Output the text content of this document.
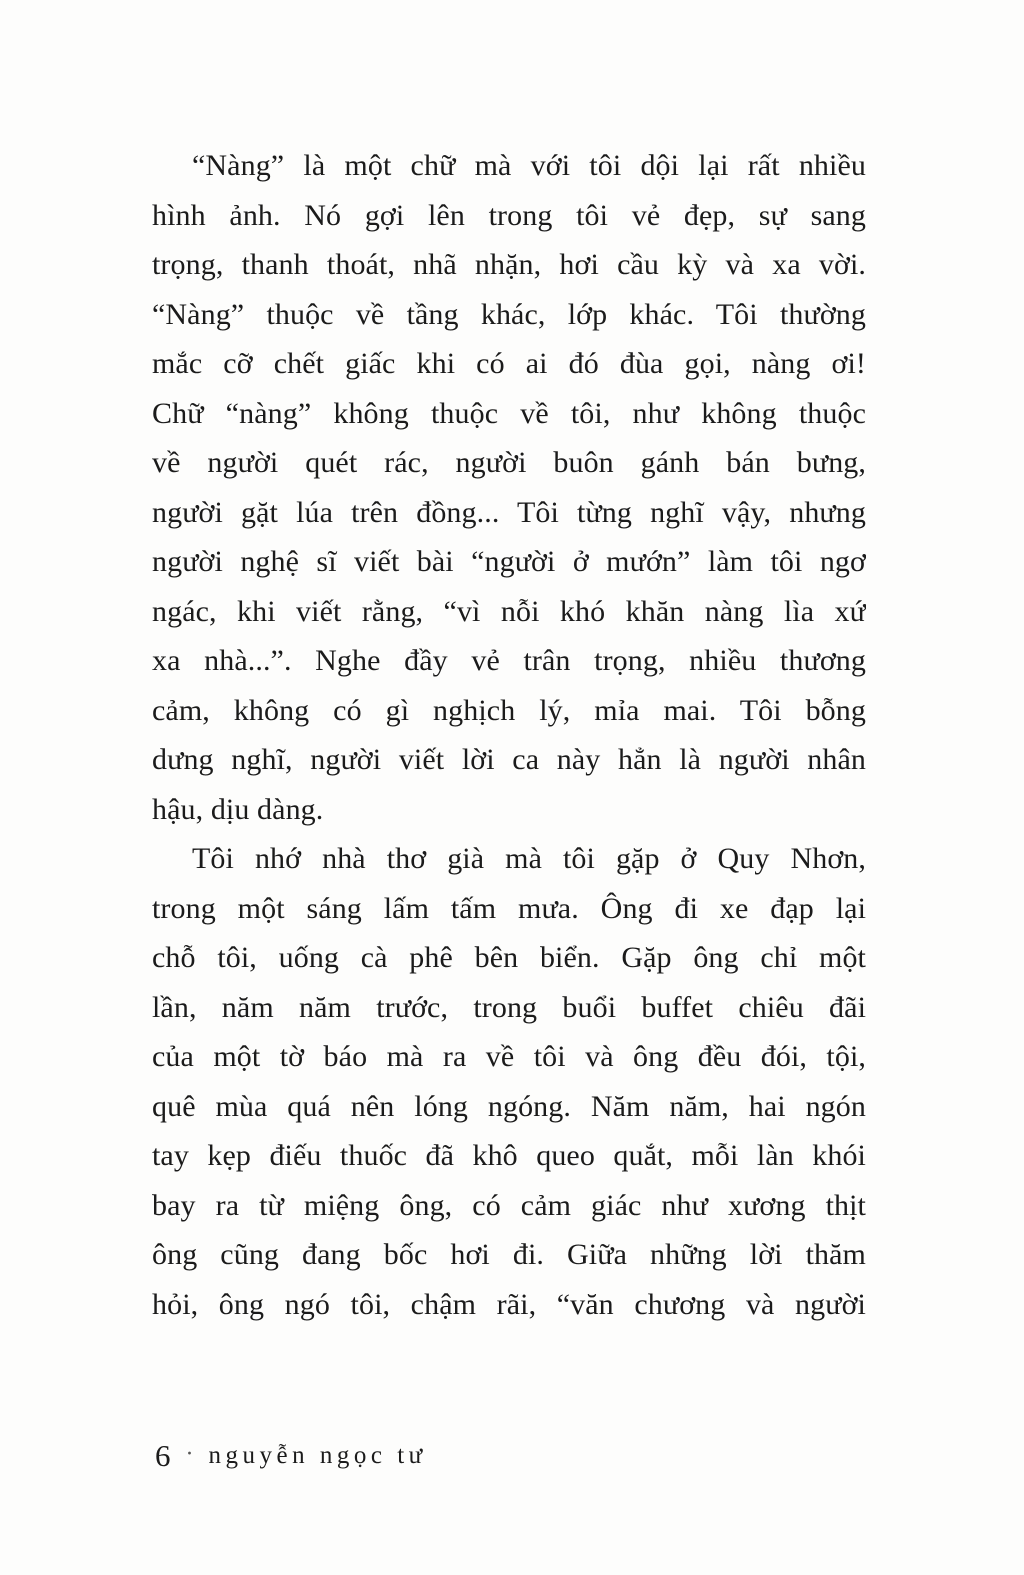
“Nàng” là một chữ mà với tôi dội lại rất nhiều
hình ảnh. Nó gợi lên trong tôi vẻ đẹp, sự sang
trọng, thanh thoát, nhã nhặn, hơi cầu kỳ và xa vời.
“Nàng” thuộc về tầng khác, lớp khác. Tôi thường
mắc cỡ chết giấc khi có ai đó đùa gọi, nàng ơi!
Chữ “nàng” không thuộc về tôi, như không thuộc
về người quét rác, người buôn gánh bán bưng,
người gặt lúa trên đồng... Tôi từng nghĩ vậy, nhưng
người nghệ sĩ viết bài “người ở mướn” làm tôi ngơ
ngác, khi viết rằng, “vì nỗi khó khăn nàng lìa xứ
xa nhà...”. Nghe đầy vẻ trân trọng, nhiều thương
cảm, không có gì nghịch lý, mỉa mai. Tôi bỗng
dưng nghĩ, người viết lời ca này hẳn là người nhân
hậu, dịu dàng.
Tôi nhớ nhà thơ già mà tôi gặp ở Quy Nhơn,
trong một sáng lấm tấm mưa. Ông đi xe đạp lại
chỗ tôi, uống cà phê bên biển. Gặp ông chỉ một
lần, năm năm trước, trong buổi buffet chiêu đãi
của một tờ báo mà ra về tôi và ông đều đói, tội,
quê mùa quá nên lóng ngóng. Năm năm, hai ngón
tay kẹp điếu thuốc đã khô queo quắt, mỗi làn khói
bay ra từ miệng ông, có cảm giác như xương thịt
ông cũng đang bốc hơi đi. Giữa những lời thăm
hỏi, ông ngó tôi, chậm rãi, “văn chương và người
6 · nguyễn ngọc tư
